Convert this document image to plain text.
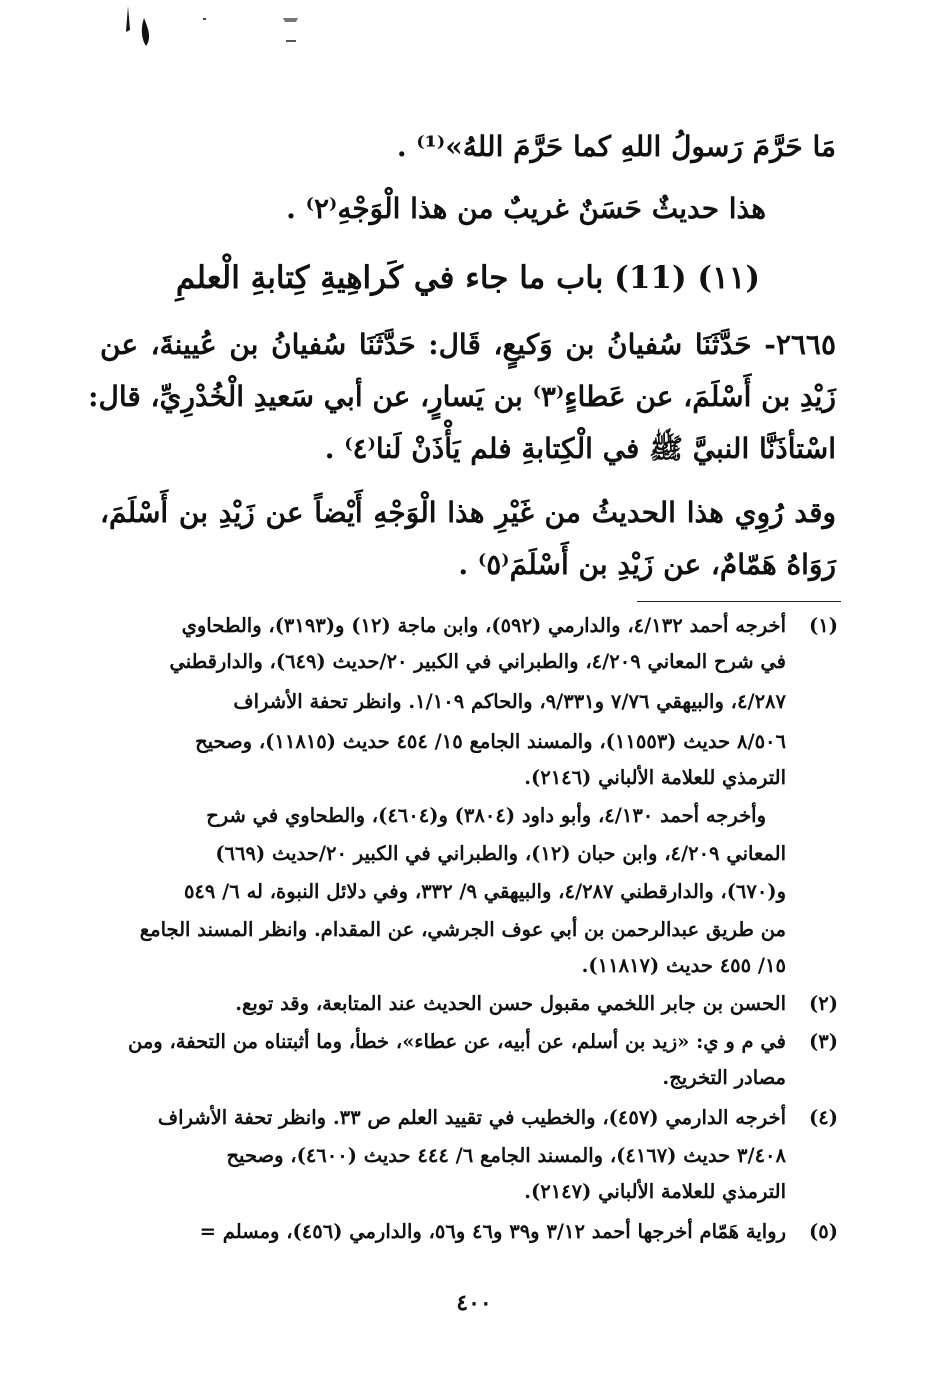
مَا حَرَّمَ رَسولُ اللهِ كما حَرَّمَ اللهُ»⁽¹⁾ .
هذا حديثٌ حَسَنٌ غريبٌ من هذا الْوَجْهِ⁽٢⁾ .
٢٦٦٥- حَدَّثَنَا سُفيانُ بن وَكيعٍ، قَال: حَدَّثَنَا سُفيانُ بن عُيينةَ، عن
زَيْدِ بن أَسْلَمَ، عن عَطاءٍ⁽٣⁾ بن يَسارٍ، عن أبي سَعيدِ الْخُدْرِيِّ، قال:
اسْتأذَنَّا النبيَّ ﷺ في الْكِتابةِ فلم يَأْذَنْ لَنا⁽٤⁾ .
وقد رُوِي هذا الحديثُ من غَيْرِ هذا الْوَجْهِ أَيْضاً عن زَيْدِ بن أَسْلَمَ،
رَوَاهُ هَمّامٌ، عن زَيْدِ بن أَسْلَمَ⁽٥⁾ .
(١١) (11) باب ما جاء في كَراهِيةِ كِتابةِ الْعلمِ
(١)
أخرجه أحمد ٤/١٣٢، والدارمي (٥٩٢)، وابن ماجة (١٢) و(٣١٩٣)، والطحاوي
في شرح المعاني ٤/٢٠٩، والطبراني في الكبير ٢٠/حديث (٦٤٩)، والدارقطني
٤/٢٨٧، والبيهقي ٧/٧٦ و٩/٣٣١، والحاكم ١/١٠٩. وانظر تحفة الأشراف
٨/٥٠٦ حديث (١١٥٥٣)، والمسند الجامع ١٥/ ٤٥٤ حديث (١١٨١٥)، وصحيح
الترمذي للعلامة الألباني (٢١٤٦).
وأخرجه أحمد ٤/١٣٠، وأبو داود (٣٨٠٤) و(٤٦٠٤)، والطحاوي في شرح
المعاني ٤/٢٠٩، وابن حبان (١٢)، والطبراني في الكبير ٢٠/حديث (٦٦٩)
و(٦٧٠)، والدارقطني ٤/٢٨٧، والبيهقي ٩/ ٣٣٢، وفي دلائل النبوة، له ٦/ ٥٤٩
من طريق عبدالرحمن بن أبي عوف الجرشي، عن المقدام. وانظر المسند الجامع
١٥/ ٤٥٥ حديث (١١٨١٧).
(٢)
الحسن بن جابر اللخمي مقبول حسن الحديث عند المتابعة، وقد توبع.
(٣)
في م و ي: «زيد بن أسلم، عن أبيه، عن عطاء»، خطأ، وما أثبتناه من التحفة، ومن
مصادر التخريج.
(٤)
أخرجه الدارمي (٤٥٧)، والخطيب في تقييد العلم ص ٣٣. وانظر تحفة الأشراف
٣/٤٠٨ حديث (٤١٦٧)، والمسند الجامع ٦/ ٤٤٤ حديث (٤٦٠٠)، وصحيح
الترمذي للعلامة الألباني (٢١٤٧).
(٥)
رواية هَمّام أخرجها أحمد ٣/١٢ و٣٩ و٤٦ و٥٦، والدارمي (٤٥٦)، ومسلم =
٤٠٠
